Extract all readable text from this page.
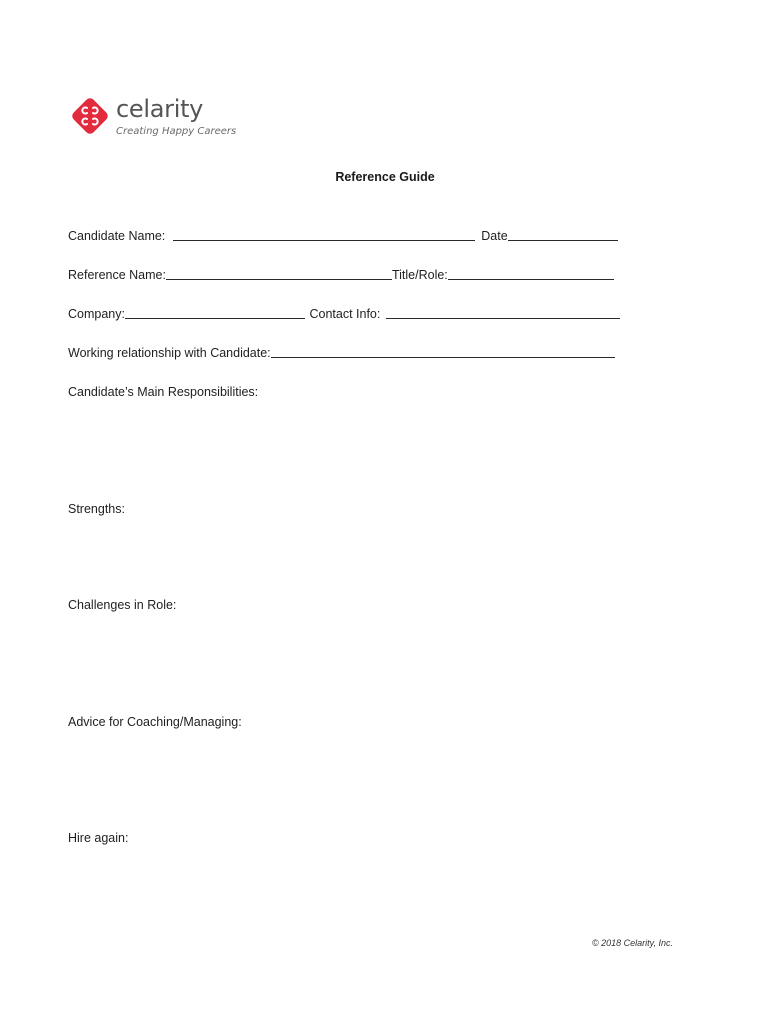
celarity
Creating Happy Careers
Reference Guide
Candidate Name:	Date
Reference Name:	Title/Role:
Company:	Contact Info:
Working relationship with Candidate:
Candidate’s Main Responsibilities:
Strengths:
Challenges in Role:
Advice for Coaching/Managing:
Hire again:
© 2018 Celarity, Inc.
